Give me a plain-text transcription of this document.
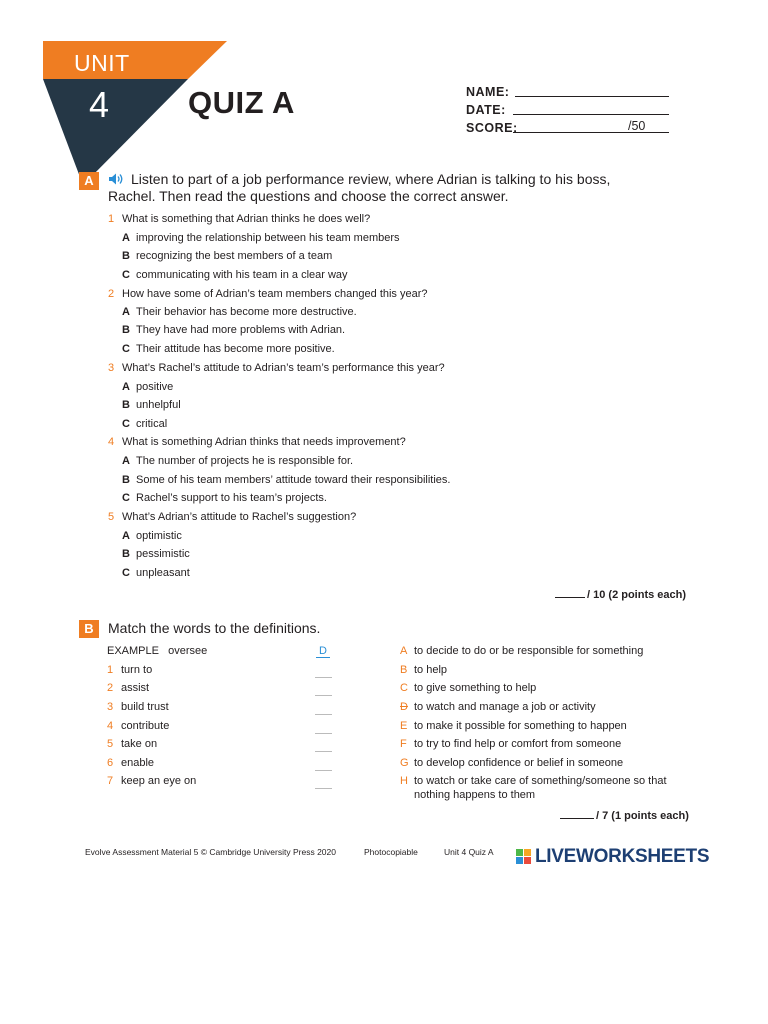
UNIT
4	QUIZ A	NAME:
DATE:
SCORE:	/50
A	Listen to part of a job performance review, where Adrian is talking to his boss,
Rachel. Then read the questions and choose the correct answer.
1 What is something that Adrian thinks he does well?
A improving the relationship between his team members
B recognizing the best members of a team
C communicating with his team in a clear way
2 How have some of Adrian’s team members changed this year?
A Their behavior has become more destructive.
B They have had more problems with Adrian.
C Their attitude has become more positive.
3 What’s Rachel’s attitude to Adrian’s team’s performance this year?
A positive
B unhelpful
C critical
4 What is something Adrian thinks that needs improvement?
A The number of projects he is responsible for.
B Some of his team members’ attitude toward their responsibilities.
C Rachel’s support to his team’s projects.
5 What’s Adrian’s attitude to Rachel’s suggestion?
A optimistic
B pessimistic
C unpleasant
/ 10 (2 points each)
B	Match the words to the definitions.
EXAMPLE oversee	D
1 turn to
2 assist
3 build trust
4 contribute
5 take on
6 enable
7 keep an eye on
A to decide to do or be responsible for something
B to help
C to give something to help
D to watch and manage a job or activity
E to make it possible for something to happen
F to try to find help or comfort from someone
G to develop confidence or belief in someone
H to watch or take care of something/someone so that
nothing happens to them
/ 7 (1 points each)
Evolve Assessment Material 5 © Cambridge University Press 2020	Photocopiable	Unit 4 Quiz A LIVEWORKSHEETS
